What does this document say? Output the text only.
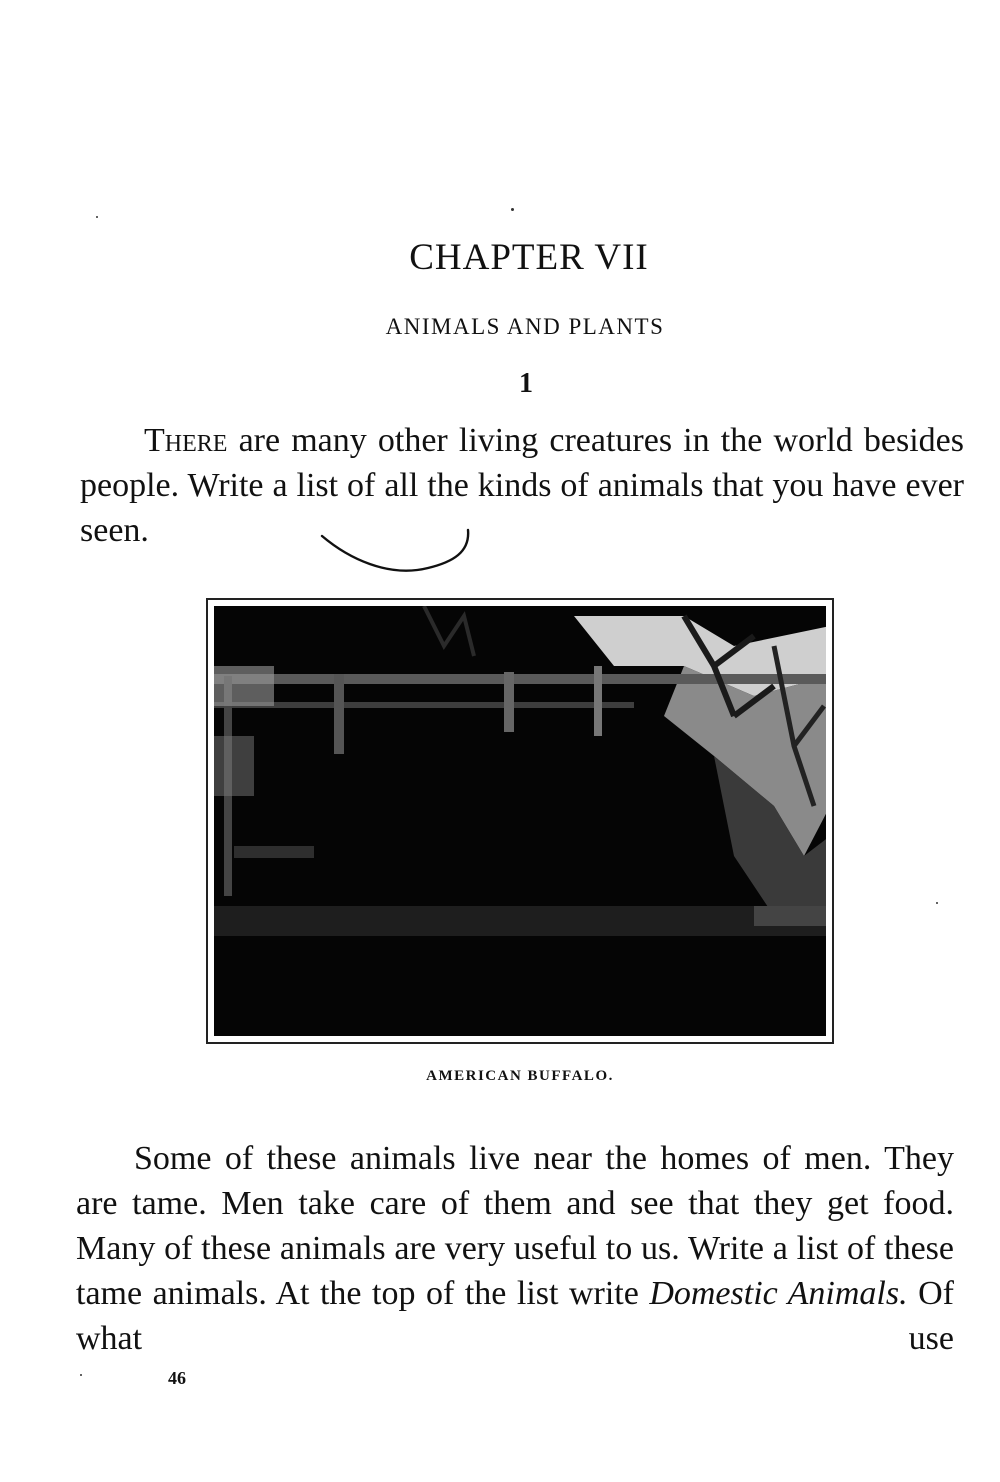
CHAPTER VII
ANIMALS AND PLANTS
1

There are many other living creatures in the world besides people. Write a list of all the kinds of animals that you have ever seen.

AMERICAN BUFFALO.

Some of these animals live near the homes of men. They are tame. Men take care of them and see that they get food. Many of these animals are very useful to us. Write a list of these tame animals. At the top of the list write Domestic Animals. Of what use

46
